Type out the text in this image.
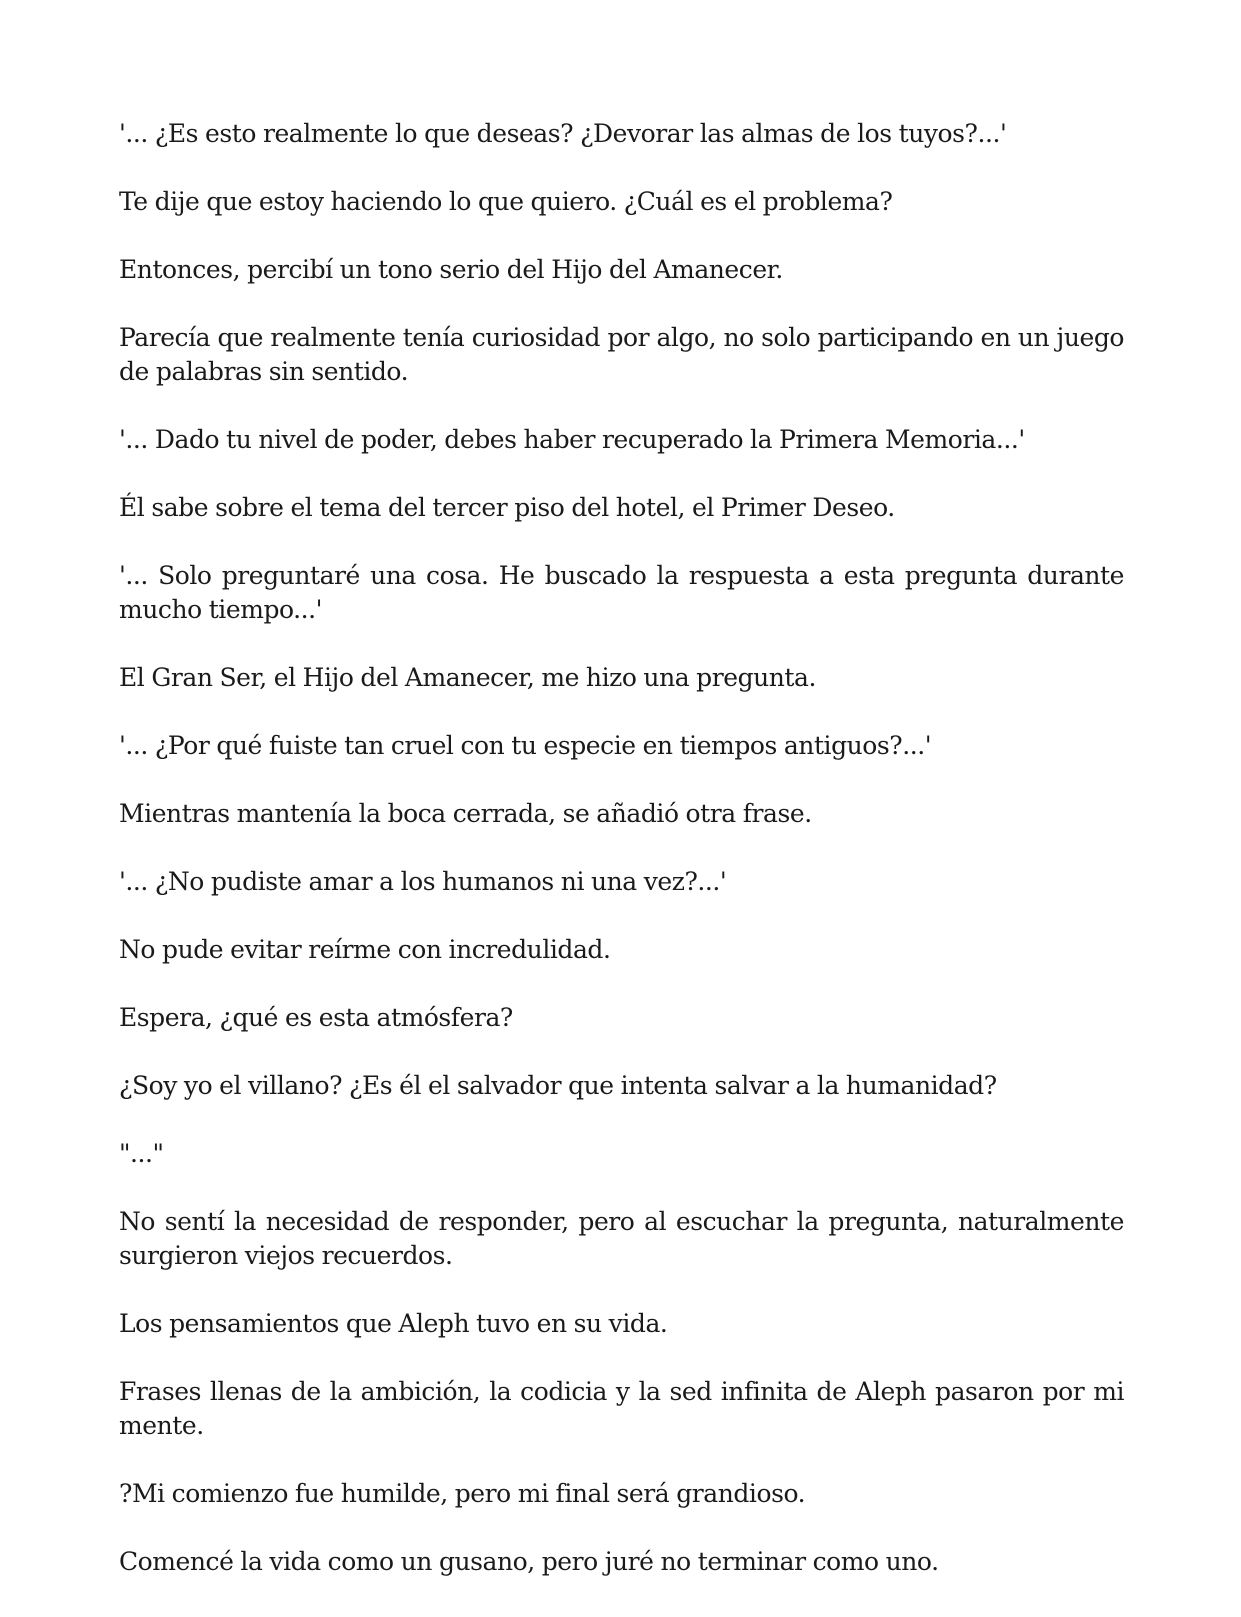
'... ¿Es esto realmente lo que deseas? ¿Devorar las almas de los tuyos?...'

Te dije que estoy haciendo lo que quiero. ¿Cuál es el problema?

Entonces, percibí un tono serio del Hijo del Amanecer.

Parecía que realmente tenía curiosidad por algo, no solo participando en un juego de palabras sin sentido.

'... Dado tu nivel de poder, debes haber recuperado la Primera Memoria...'

Él sabe sobre el tema del tercer piso del hotel, el Primer Deseo.

'... Solo preguntaré una cosa. He buscado la respuesta a esta pregunta durante mucho tiempo...'

El Gran Ser, el Hijo del Amanecer, me hizo una pregunta.

'... ¿Por qué fuiste tan cruel con tu especie en tiempos antiguos?...'

Mientras mantenía la boca cerrada, se añadió otra frase.

'... ¿No pudiste amar a los humanos ni una vez?...'

No pude evitar reírme con incredulidad.

Espera, ¿qué es esta atmósfera?

¿Soy yo el villano? ¿Es él el salvador que intenta salvar a la humanidad?

"..."

No sentí la necesidad de responder, pero al escuchar la pregunta, naturalmente surgieron viejos recuerdos.

Los pensamientos que Aleph tuvo en su vida.

Frases llenas de la ambición, la codicia y la sed infinita de Aleph pasaron por mi mente.

?Mi comienzo fue humilde, pero mi final será grandioso.

Comencé la vida como un gusano, pero juré no terminar como uno.
